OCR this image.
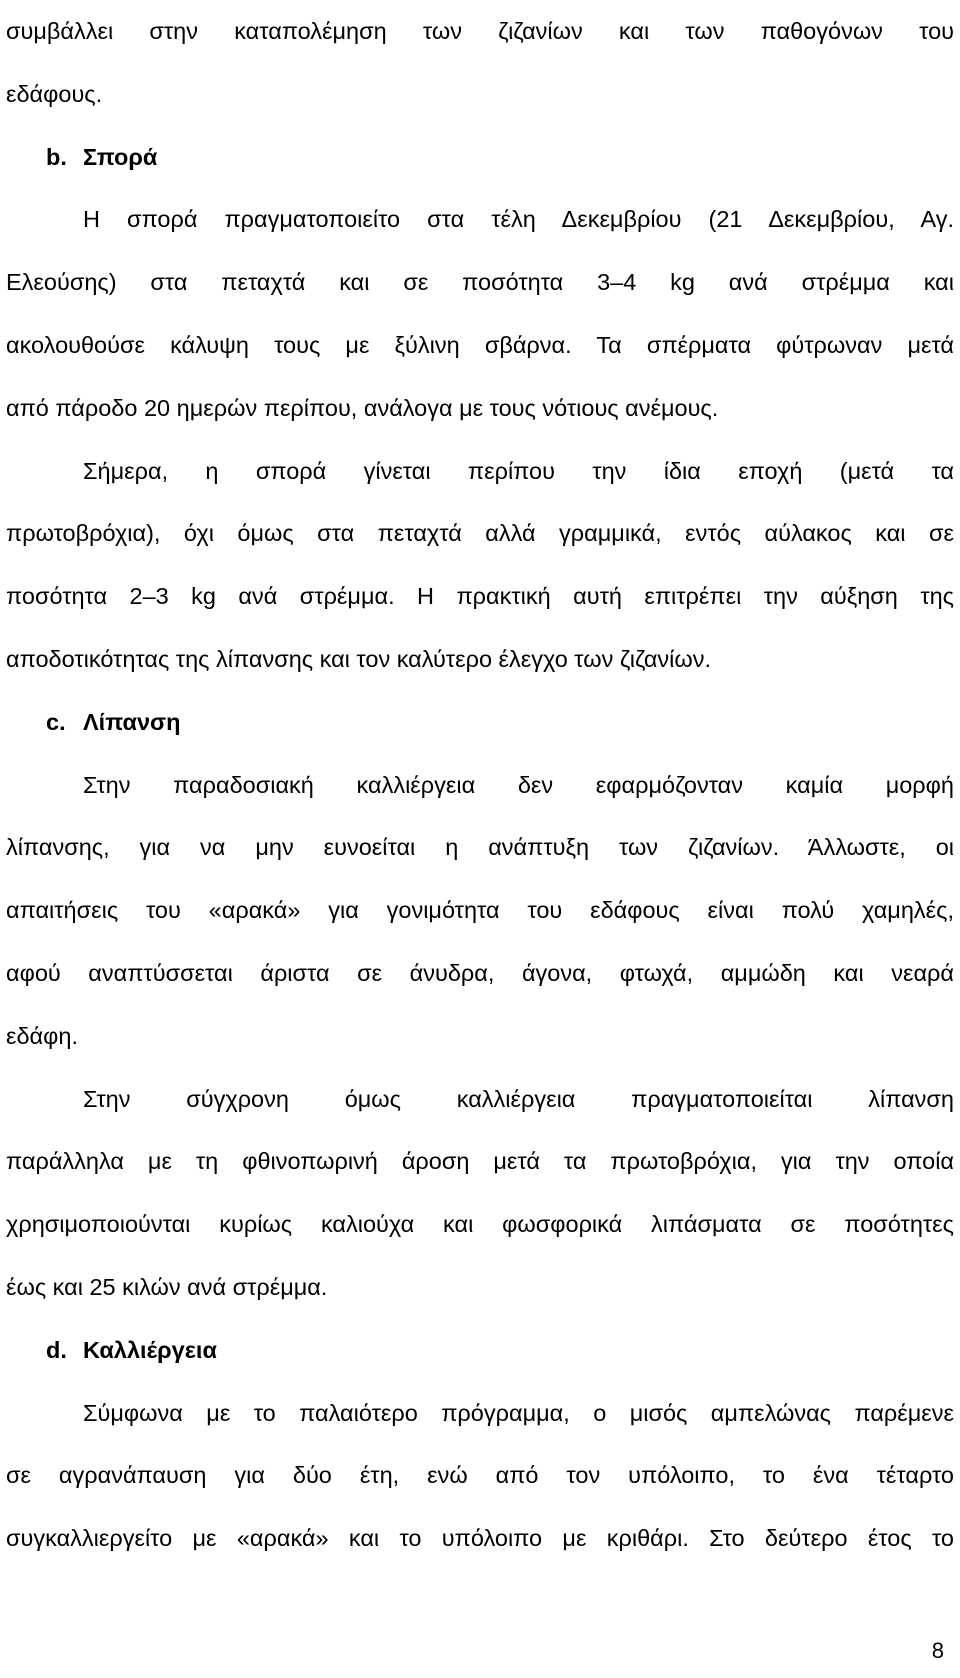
συμβάλλει στην καταπολέμηση των ζιζανίων και των παθογόνων του
εδάφους.
b. Σπορά
Η σπορά πραγματοποιείτο στα τέλη Δεκεμβρίου (21 Δεκεμβρίου, Αγ.
Ελεούσης) στα πεταχτά και σε ποσότητα 3–4 kg ανά στρέμμα και
ακολουθούσε κάλυψη τους με ξύλινη σβάρνα. Τα σπέρματα φύτρωναν μετά
από πάροδο 20 ημερών περίπου, ανάλογα με τους νότιους ανέμους.
Σήμερα, η σπορά γίνεται περίπου την ίδια εποχή (μετά τα
πρωτοβρόχια), όχι όμως στα πεταχτά αλλά γραμμικά, εντός αύλακος και σε
ποσότητα 2–3 kg ανά στρέμμα. Η πρακτική αυτή επιτρέπει την αύξηση της
αποδοτικότητας της λίπανσης και τον καλύτερο έλεγχο των ζιζανίων.
c. Λίπανση
Στην παραδοσιακή καλλιέργεια δεν εφαρμόζονταν καμία μορφή
λίπανσης, για να μην ευνοείται η ανάπτυξη των ζιζανίων. Άλλωστε, οι
απαιτήσεις του «αρακά» για γονιμότητα του εδάφους είναι πολύ χαμηλές,
αφού αναπτύσσεται άριστα σε άνυδρα, άγονα, φτωχά, αμμώδη και νεαρά
εδάφη.
Στην σύγχρονη όμως καλλιέργεια πραγματοποιείται λίπανση
παράλληλα με τη φθινοπωρινή άροση μετά τα πρωτοβρόχια, για την οποία
χρησιμοποιούνται κυρίως καλιούχα και φωσφορικά λιπάσματα σε ποσότητες
έως και 25 κιλών ανά στρέμμα.
d. Καλλιέργεια
Σύμφωνα με το παλαιότερο πρόγραμμα, ο μισός αμπελώνας παρέμενε
σε αγρανάπαυση για δύο έτη, ενώ από τον υπόλοιπο, το ένα τέταρτο
συγκαλλιεργείτο με «αρακά» και το υπόλοιπο με κριθάρι. Στο δεύτερο έτος το
8
